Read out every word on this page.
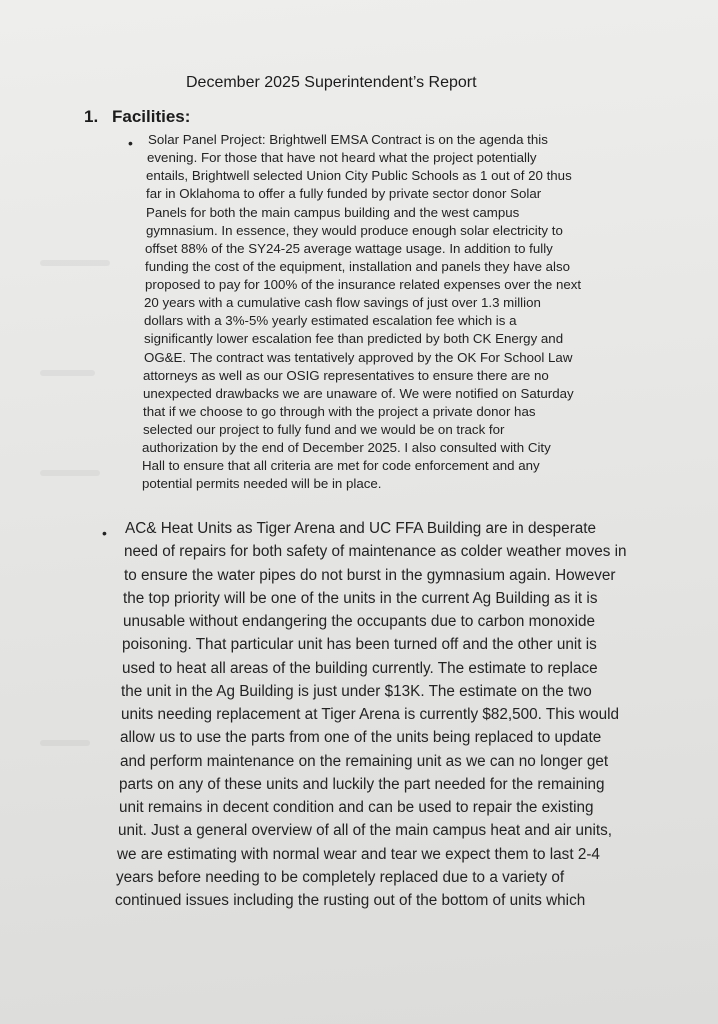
December 2025 Superintendent’s Report
1. Facilities:
• Solar Panel Project: Brightwell EMSA Contract is on the agenda this
evening. For those that have not heard what the project potentially
entails, Brightwell selected Union City Public Schools as 1 out of 20 thus
far in Oklahoma to offer a fully funded by private sector donor Solar
Panels for both the main campus building and the west campus
gymnasium. In essence, they would produce enough solar electricity to
offset 88% of the SY24-25 average wattage usage. In addition to fully
funding the cost of the equipment, installation and panels they have also
proposed to pay for 100% of the insurance related expenses over the next
20 years with a cumulative cash flow savings of just over 1.3 million
dollars with a 3%-5% yearly estimated escalation fee which is a
significantly lower escalation fee than predicted by both CK Energy and
OG&E. The contract was tentatively approved by the OK For School Law
attorneys as well as our OSIG representatives to ensure there are no
unexpected drawbacks we are unaware of. We were notified on Saturday
that if we choose to go through with the project a private donor has
selected our project to fully fund and we would be on track for
authorization by the end of December 2025. I also consulted with City
Hall to ensure that all criteria are met for code enforcement and any
potential permits needed will be in place.
• AC& Heat Units as Tiger Arena and UC FFA Building are in desperate
need of repairs for both safety of maintenance as colder weather moves in
to ensure the water pipes do not burst in the gymnasium again. However
the top priority will be one of the units in the current Ag Building as it is
unusable without endangering the occupants due to carbon monoxide
poisoning. That particular unit has been turned off and the other unit is
used to heat all areas of the building currently. The estimate to replace
the unit in the Ag Building is just under $13K. The estimate on the two
units needing replacement at Tiger Arena is currently $82,500. This would
allow us to use the parts from one of the units being replaced to update
and perform maintenance on the remaining unit as we can no longer get
parts on any of these units and luckily the part needed for the remaining
unit remains in decent condition and can be used to repair the existing
unit. Just a general overview of all of the main campus heat and air units,
we are estimating with normal wear and tear we expect them to last 2-4
years before needing to be completely replaced due to a variety of
continued issues including the rusting out of the bottom of units which
